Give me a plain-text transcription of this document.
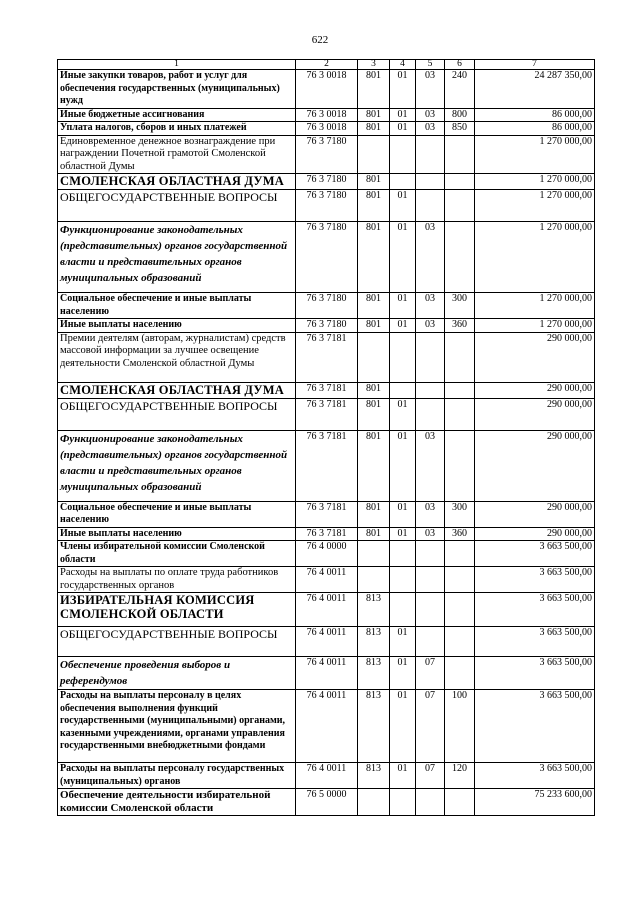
622
1	2	3	4	5	6	7
Иные закупки товаров, работ и услуг для обеспечения государственных (муниципальных) нужд	76 3 0018	801	01	03	240	24 287 350,00
Иные бюджетные ассигнования	76 3 0018	801	01	03	800	86 000,00
Уплата налогов, сборов и иных платежей	76 3 0018	801	01	03	850	86 000,00
Единовременное денежное вознаграждение при награждении Почетной грамотой Смоленской областной Думы	76 3 7180					1 270 000,00
СМОЛЕНСКАЯ ОБЛАСТНАЯ ДУМА	76 3 7180	801				1 270 000,00
ОБЩЕГОСУДАРСТВЕННЫЕ ВОПРОСЫ	76 3 7180	801	01			1 270 000,00
Функционирование законодательных (представительных) органов государственной власти и представительных органов муниципальных образований	76 3 7180	801	01	03		1 270 000,00
Социальное обеспечение и иные выплаты населению	76 3 7180	801	01	03	300	1 270 000,00
Иные выплаты населению	76 3 7180	801	01	03	360	1 270 000,00
Премии деятелям (авторам, журналистам) средств массовой информации за лучшее освещение деятельности Смоленской областной Думы	76 3 7181					290 000,00
СМОЛЕНСКАЯ ОБЛАСТНАЯ ДУМА	76 3 7181	801				290 000,00
ОБЩЕГОСУДАРСТВЕННЫЕ ВОПРОСЫ	76 3 7181	801	01			290 000,00
Функционирование законодательных (представительных) органов государственной власти и представительных органов муниципальных образований	76 3 7181	801	01	03		290 000,00
Социальное обеспечение и иные выплаты населению	76 3 7181	801	01	03	300	290 000,00
Иные выплаты населению	76 3 7181	801	01	03	360	290 000,00
Члены избирательной комиссии Смоленской области	76 4 0000					3 663 500,00
Расходы на выплаты по оплате труда работников государственных органов	76 4 0011					3 663 500,00
ИЗБИРАТЕЛЬНАЯ КОМИССИЯ СМОЛЕНСКОЙ ОБЛАСТИ	76 4 0011	813				3 663 500,00
ОБЩЕГОСУДАРСТВЕННЫЕ ВОПРОСЫ	76 4 0011	813	01			3 663 500,00
Обеспечение проведения выборов и референдумов	76 4 0011	813	01	07		3 663 500,00
Расходы на выплаты персоналу в целях обеспечения выполнения функций государственными (муниципальными) органами, казенными учреждениями, органами управления государственными внебюджетными фондами	76 4 0011	813	01	07	100	3 663 500,00
Расходы на выплаты персоналу государственных (муниципальных) органов	76 4 0011	813	01	07	120	3 663 500,00
Обеспечение деятельности избирательной комиссии Смоленской области	76 5 0000					75 233 600,00
